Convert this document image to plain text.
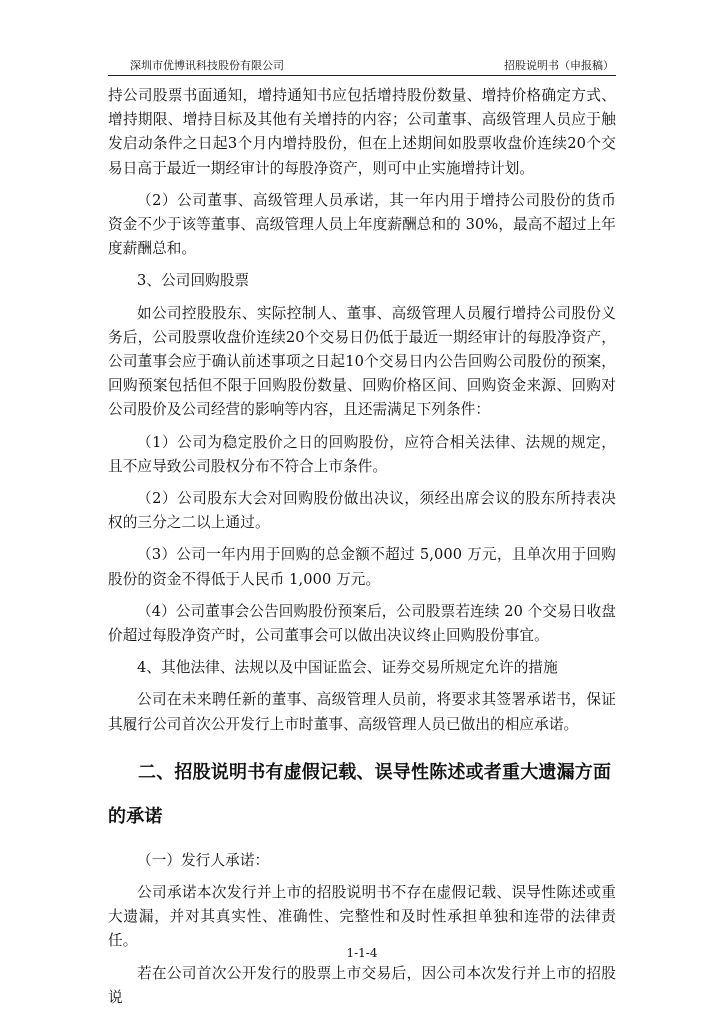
深圳市优博讯科技股份有限公司	招股说明书（申报稿）

持公司股票书面通知，增持通知书应包括增持股份数量、增持价格确定方式、增持期限、增持目标及其他有关增持的内容；公司董事、高级管理人员应于触发启动条件之日起3个月内增持股份，但在上述期间如股票收盘价连续20个交易日高于最近一期经审计的每股净资产，则可中止实施增持计划。

（2）公司董事、高级管理人员承诺，其一年内用于增持公司股份的货币资金不少于该等董事、高级管理人员上年度薪酬总和的 30%，最高不超过上年度薪酬总和。

3、公司回购股票

如公司控股股东、实际控制人、董事、高级管理人员履行增持公司股份义务后，公司股票收盘价连续20个交易日仍低于最近一期经审计的每股净资产，公司董事会应于确认前述事项之日起10个交易日内公告回购公司股份的预案，回购预案包括但不限于回购股份数量、回购价格区间、回购资金来源、回购对公司股价及公司经营的影响等内容，且还需满足下列条件：

（1）公司为稳定股价之日的回购股份，应符合相关法律、法规的规定，且不应导致公司股权分布不符合上市条件。

（2）公司股东大会对回购股份做出决议，须经出席会议的股东所持表决权的三分之二以上通过。

（3）公司一年内用于回购的总金额不超过 5,000 万元，且单次用于回购股份的资金不得低于人民币 1,000 万元。

（4）公司董事会公告回购股份预案后，公司股票若连续 20 个交易日收盘价超过每股净资产时，公司董事会可以做出决议终止回购股份事宜。

4、其他法律、法规以及中国证监会、证券交易所规定允许的措施

公司在未来聘任新的董事、高级管理人员前，将要求其签署承诺书，保证其履行公司首次公开发行上市时董事、高级管理人员已做出的相应承诺。

二、招股说明书有虚假记载、误导性陈述或者重大遗漏方面的承诺

（一）发行人承诺：

公司承诺本次发行并上市的招股说明书不存在虚假记载、误导性陈述或重大遗漏，并对其真实性、准确性、完整性和及时性承担单独和连带的法律责任。

若在公司首次公开发行的股票上市交易后，因公司本次发行并上市的招股说

1-1-4
